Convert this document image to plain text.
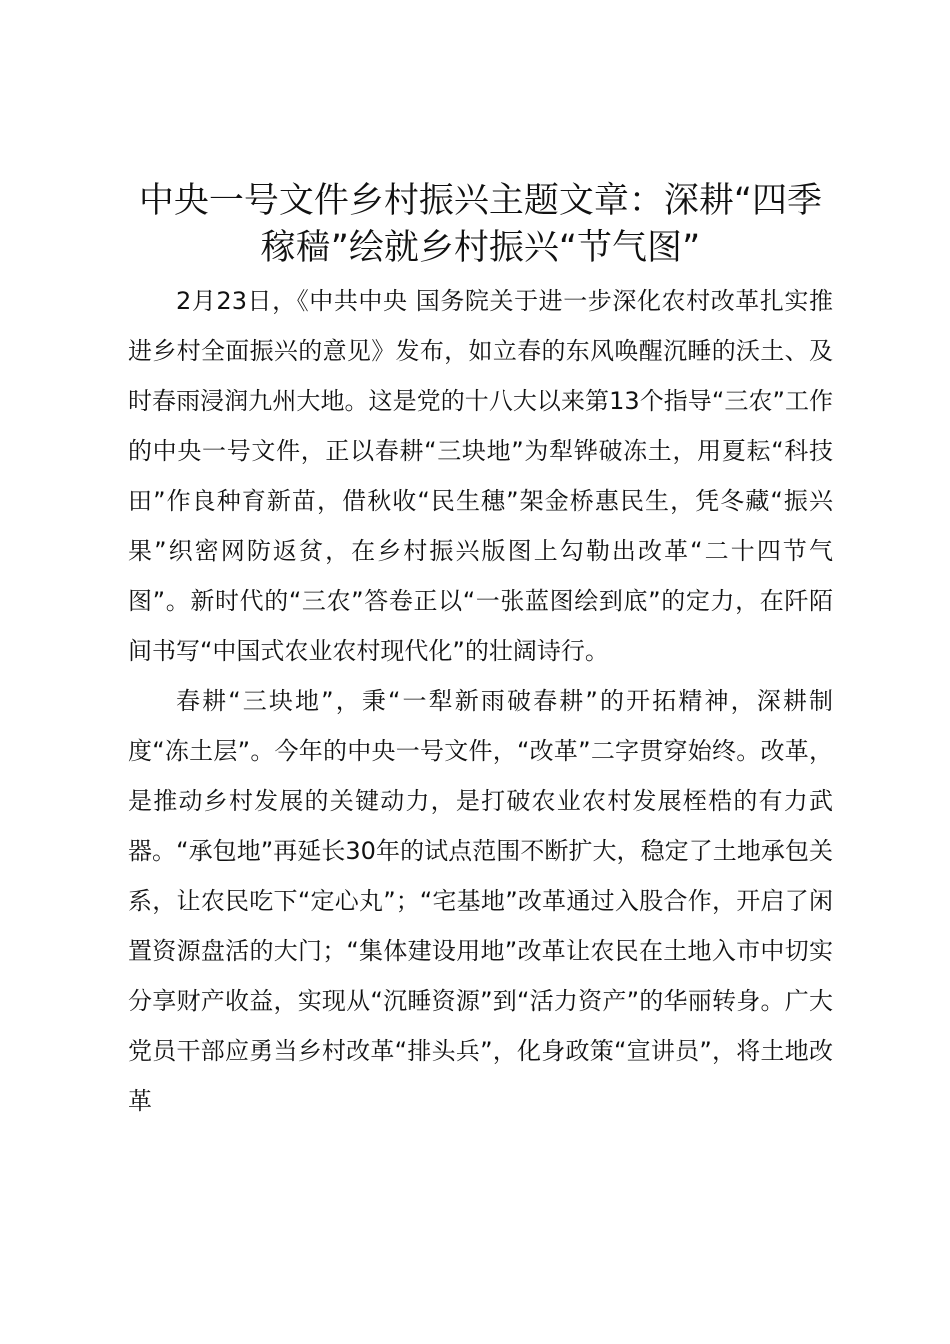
中央一号文件乡村振兴主题文章：深耕“四季稼穑”绘就乡村振兴“节气图”

2月23日，《中共中央 国务院关于进一步深化农村改革扎实推进乡村全面振兴的意见》发布，如立春的东风唤醒沉睡的沃土、及时春雨浸润九州大地。这是党的十八大以来第13个指导“三农”工作的中央一号文件，正以春耕“三块地”为犁铧破冻土，用夏耘“科技田”作良种育新苗，借秋收“民生穗”架金桥惠民生，凭冬藏“振兴果”织密网防返贫，在乡村振兴版图上勾勒出改革“二十四节气图”。新时代的“三农”答卷正以“一张蓝图绘到底”的定力，在阡陌间书写“中国式农业农村现代化”的壮阔诗行。

春耕“三块地”，秉“一犁新雨破春耕”的开拓精神，深耕制度“冻土层”。今年的中央一号文件，“改革”二字贯穿始终。改革，是推动乡村发展的关键动力，是打破农业农村发展桎梏的有力武器。“承包地”再延长30年的试点范围不断扩大，稳定了土地承包关系，让农民吃下“定心丸”；“宅基地”改革通过入股合作，开启了闲置资源盘活的大门；“集体建设用地”改革让农民在土地入市中切实分享财产收益，实现从“沉睡资源”到“活力资产”的华丽转身。广大党员干部应勇当乡村改革“排头兵”，化身政策“宣讲员”，将土地改革
